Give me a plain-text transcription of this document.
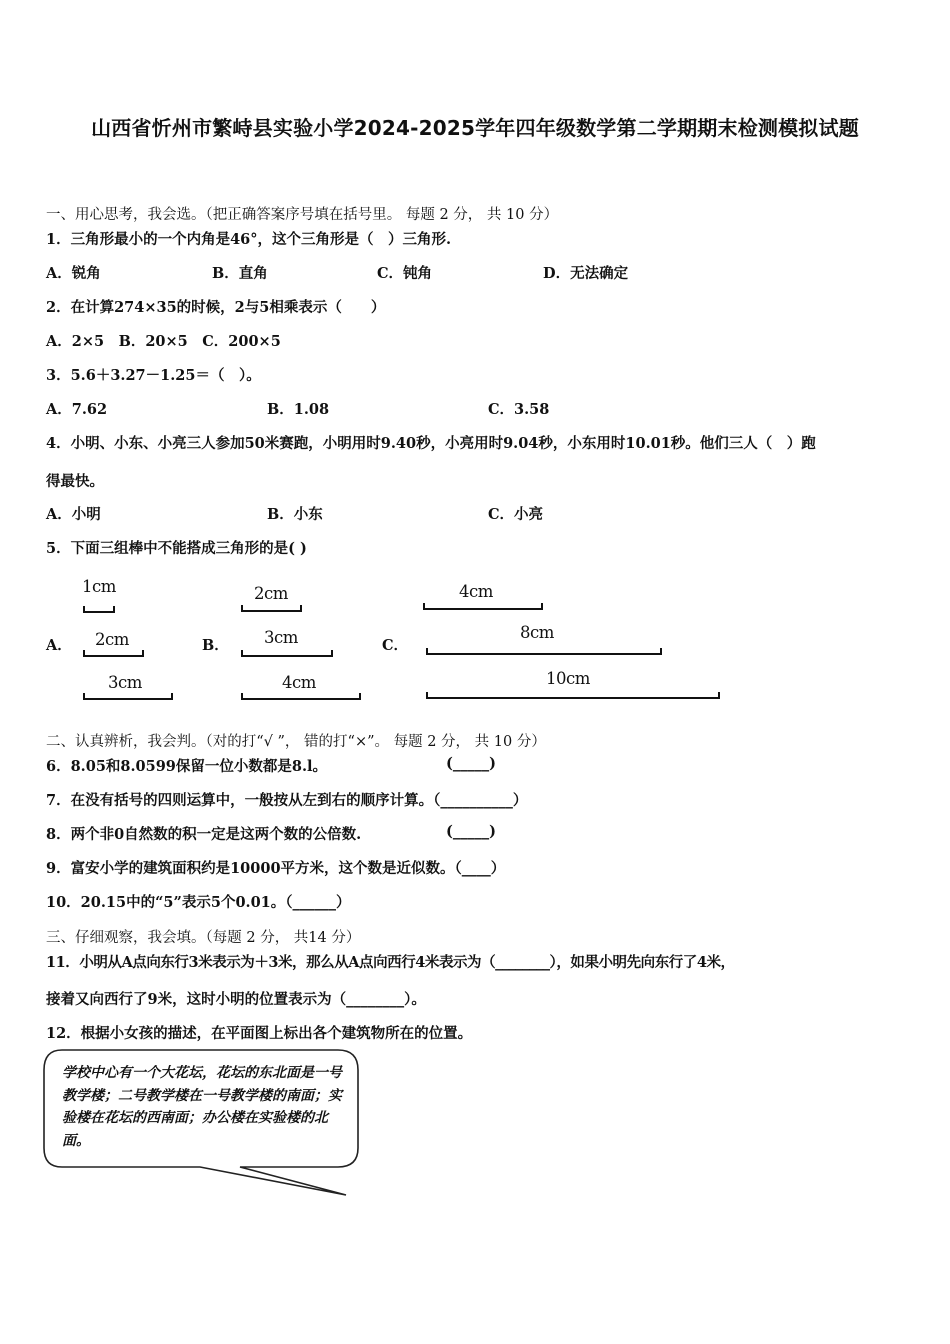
山西省忻州市繁峙县实验小学2024-2025学年四年级数学第二学期期末检测模拟试题
一、用心思考，我会选。（把正确答案序号填在括号里。 每题 2 分， 共 10 分）
1．三角形最小的一个内角是46°，这个三角形是（　）三角形.
A．锐角	B．直角	C．钝角	D．无法确定
2．在计算274×35的时候，2与5相乘表示（　　）
A．2×5　B．20×5　C．200×5
3．5.6＋3.27－1.25＝（　）。
A．7.62	B．1.08	C．3.58
4．小明、小东、小亮三人参加50米赛跑，小明用时9.40秒，小亮用时9.04秒，小东用时10.01秒。他们三人（　）跑
得最快。
A．小明	B．小东	C．小亮
5．下面三组棒中不能搭成三角形的是( )
A．	B．	C．
1cm
2cm
3cm
2cm
3cm
4cm
4cm
8cm
10cm
二、认真辨析，我会判。（对的打“√ ”， 错的打“×”。 每题 2 分， 共 10 分）
6．8.05和8.0599保留一位小数都是8.l。	(_____)
7．在没有括号的四则运算中，一般按从左到右的顺序计算。（__________）
8．两个非0自然数的积一定是这两个数的公倍数.	(_____)
9．富安小学的建筑面积约是10000平方米，这个数是近似数。（____）
10．20.15中的“5”表示5个0.01。（______）
三、仔细观察，我会填。（每题 2 分， 共14 分）
11．小明从A点向东行3米表示为＋3米，那么从A点向西行4米表示为（________），如果小明先向东行了4米，
接着又向西行了9米，这时小明的位置表示为（________）。
12．根据小女孩的描述，在平面图上标出各个建筑物所在的位置。
学校中心有一个大花坛，花坛的东北面是一号教学楼；二号教学楼在一号教学楼的南面；实验楼在花坛的西南面；办公楼在实验楼的北面。
